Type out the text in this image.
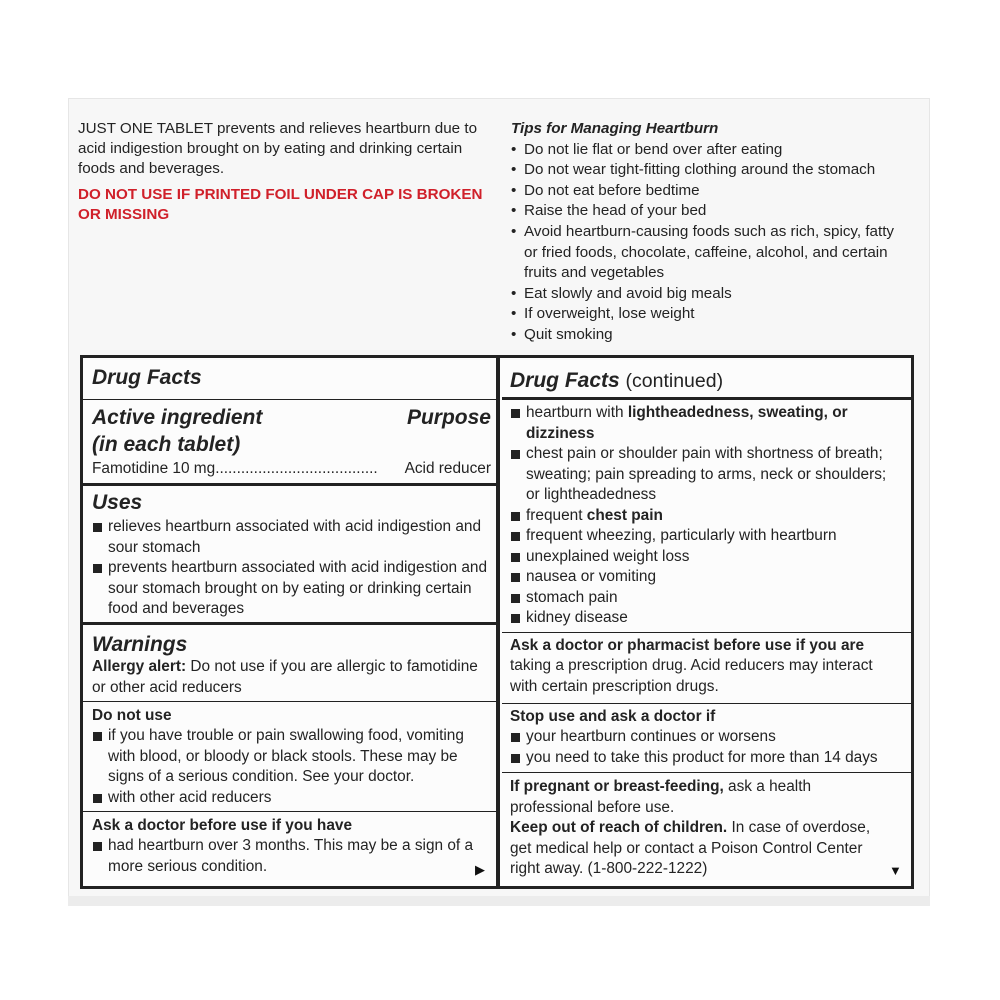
JUST ONE TABLET prevents and relieves heartburn due to acid indigestion brought on by eating and drinking certain foods and beverages.

DO NOT USE IF PRINTED FOIL UNDER CAP IS BROKEN OR MISSING

Tips for Managing Heartburn
• Do not lie flat or bend over after eating
• Do not wear tight-fitting clothing around the stomach
• Do not eat before bedtime
• Raise the head of your bed
• Avoid heartburn-causing foods such as rich, spicy, fatty or fried foods, chocolate, caffeine, alcohol, and certain fruits and vegetables
• Eat slowly and avoid big meals
• If overweight, lose weight
• Quit smoking
Drug Facts
Active ingredient	Purpose
(in each tablet)
Famotidine 10 mg...................................... Acid reducer
Uses
relieves heartburn associated with acid indigestion and sour stomach
prevents heartburn associated with acid indigestion and sour stomach brought on by eating or drinking certain food and beverages
Warnings
Allergy alert: Do not use if you are allergic to famotidine or other acid reducers
Do not use
if you have trouble or pain swallowing food, vomiting with blood, or bloody or black stools. These may be signs of a serious condition. See your doctor.
with other acid reducers
Ask a doctor before use if you have
had heartburn over 3 months. This may be a sign of a more serious condition.	▶
Drug Facts (continued)
heartburn with lightheadedness, sweating, or dizziness
chest pain or shoulder pain with shortness of breath; sweating; pain spreading to arms, neck or shoulders; or lightheadedness
frequent chest pain
frequent wheezing, particularly with heartburn
unexplained weight loss
nausea or vomiting
stomach pain
kidney disease
Ask a doctor or pharmacist before use if you are
taking a prescription drug. Acid reducers may interact with certain prescription drugs.
Stop use and ask a doctor if
your heartburn continues or worsens
you need to take this product for more than 14 days
If pregnant or breast-feeding, ask a health professional before use.
Keep out of reach of children. In case of overdose, get medical help or contact a Poison Control Center right away. (1-800-222-1222)	▼
